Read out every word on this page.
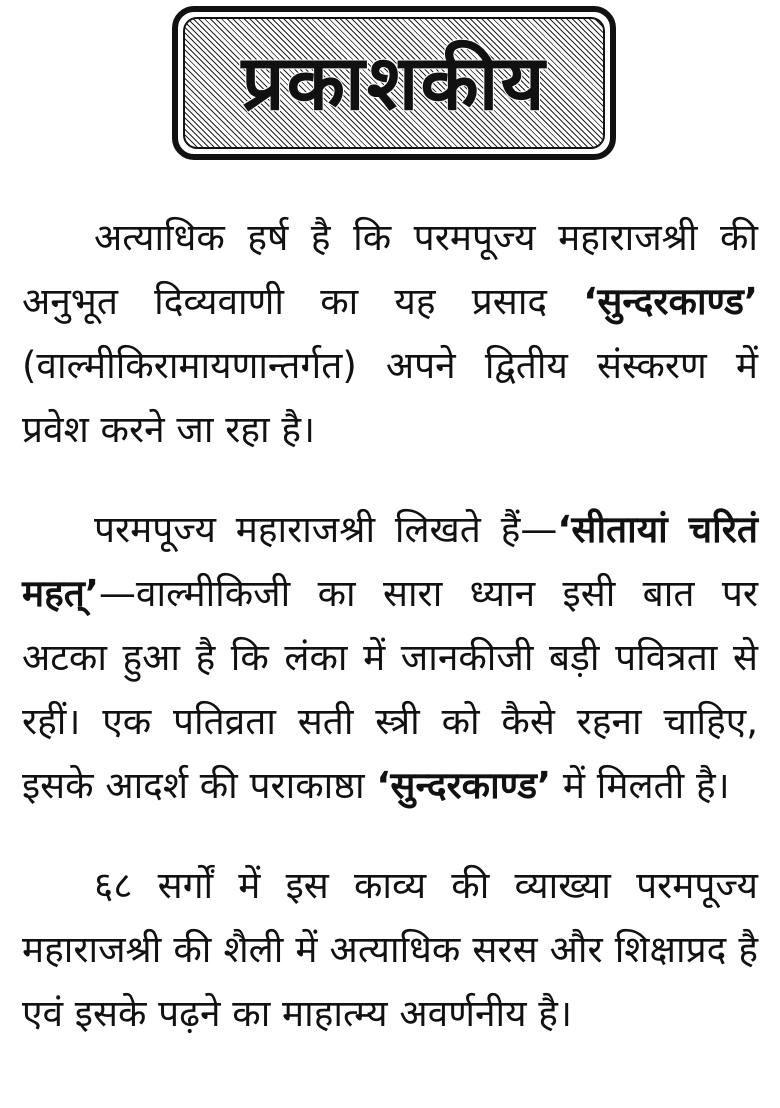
प्रकाशकीय

अत्याधिक हर्ष है कि परमपूज्य महाराजश्री की अनुभूत दिव्यवाणी का यह प्रसाद ‘सुन्दरकाण्ड’ (वाल्मीकिरामायणान्तर्गत) अपने द्वितीय संस्करण में प्रवेश करने जा रहा है।

परमपूज्य महाराजश्री लिखते हैं—‘सीतायां चरितं महत्’—वाल्मीकिजी का सारा ध्यान इसी बात पर अटका हुआ है कि लंका में जानकीजी बड़ी पवित्रता से रहीं। एक पतिव्रता सती स्त्री को कैसे रहना चाहिए, इसके आदर्श की पराकाष्ठा ‘सुन्दरकाण्ड’ में मिलती है।

६८ सर्गों में इस काव्य की व्याख्या परमपूज्य महाराजश्री की शैली में अत्याधिक सरस और शिक्षाप्रद है एवं इसके पढ़ने का माहात्म्य अवर्णनीय है।
